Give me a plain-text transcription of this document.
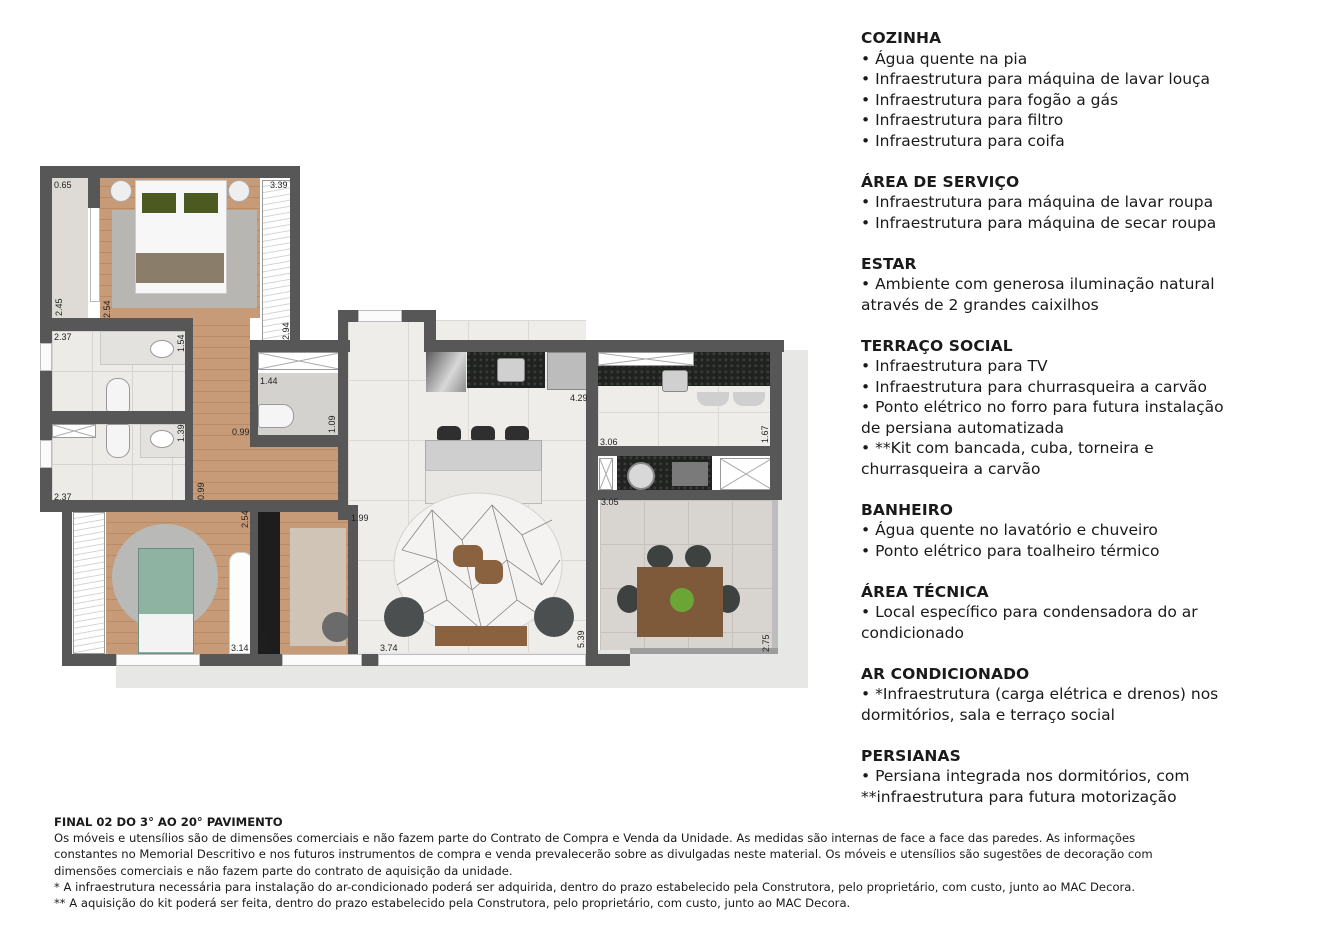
0.65
2.45
3.39
2.94
2.54
2.37	1.54
1.44
1.09
0.99
1.39
2.37	0.99
2.54
3.14
1.99
2.54
4.29
3.06	1.67
3.05
2.75
3.74	5.39
COZINHA
• Água quente na pia
• Infraestrutura para máquina de lavar louça
• Infraestrutura para fogão a gás
• Infraestrutura para filtro
• Infraestrutura para coifa
ÁREA DE SERVIÇO
• Infraestrutura para máquina de lavar roupa
• Infraestrutura para máquina de secar roupa
ESTAR
• Ambiente com generosa iluminação natural
através de 2 grandes caixilhos
TERRAÇO SOCIAL
• Infraestrutura para TV
• Infraestrutura para churrasqueira a carvão
• Ponto elétrico no forro para futura instalação
de persiana automatizada
• **Kit com bancada, cuba, torneira e
churrasqueira a carvão
BANHEIRO
• Água quente no lavatório e chuveiro
• Ponto elétrico para toalheiro térmico
ÁREA TÉCNICA
• Local específico para condensadora do ar
condicionado
AR CONDICIONADO
• *Infraestrutura (carga elétrica e drenos) nos
dormitórios, sala e terraço social
PERSIANAS
• Persiana integrada nos dormitórios, com
**infraestrutura para futura motorização
FINAL 02 DO 3° AO 20° PAVIMENTO
Os móveis e utensílios são de dimensões comerciais e não fazem parte do Contrato de Compra e Venda da Unidade. As medidas são internas de face a face das paredes. As informações
constantes no Memorial Descritivo e nos futuros instrumentos de compra e venda prevalecerão sobre as divulgadas neste material. Os móveis e utensílios são sugestões de decoração com
dimensões comerciais e não fazem parte do contrato de aquisição da unidade.
* A infraestrutura necessária para instalação do ar-condicionado poderá ser adquirida, dentro do prazo estabelecido pela Construtora, pelo proprietário, com custo, junto ao MAC Decora.
** A aquisição do kit poderá ser feita, dentro do prazo estabelecido pela Construtora, pelo proprietário, com custo, junto ao MAC Decora.
